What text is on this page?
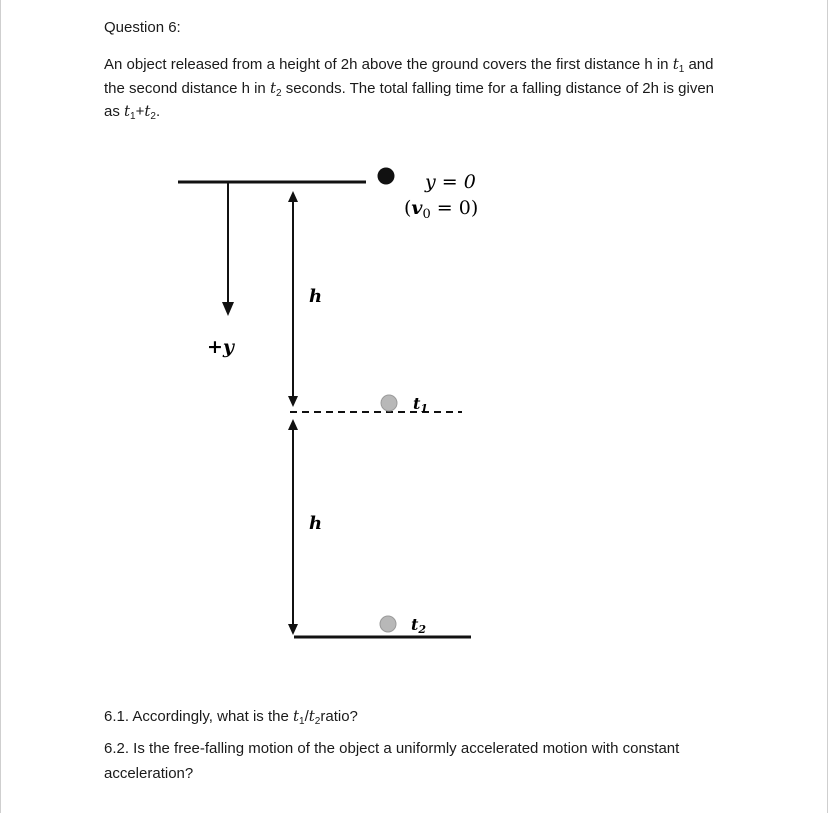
Question 6:
An object released from a height of 2h above the ground covers the first distance h in $t_1$ and the second distance h in $t_2$ seconds. The total falling time for a falling distance of 2h is given as $t_1+t_2$.
y = 0
$(v_0 = 0)$
h
h
+y
t1
t2
6.1. Accordingly, what is the $t_1/t_2ratio$?
6.2. Is the free-falling motion of the object a uniformly accelerated motion with constant acceleration?
